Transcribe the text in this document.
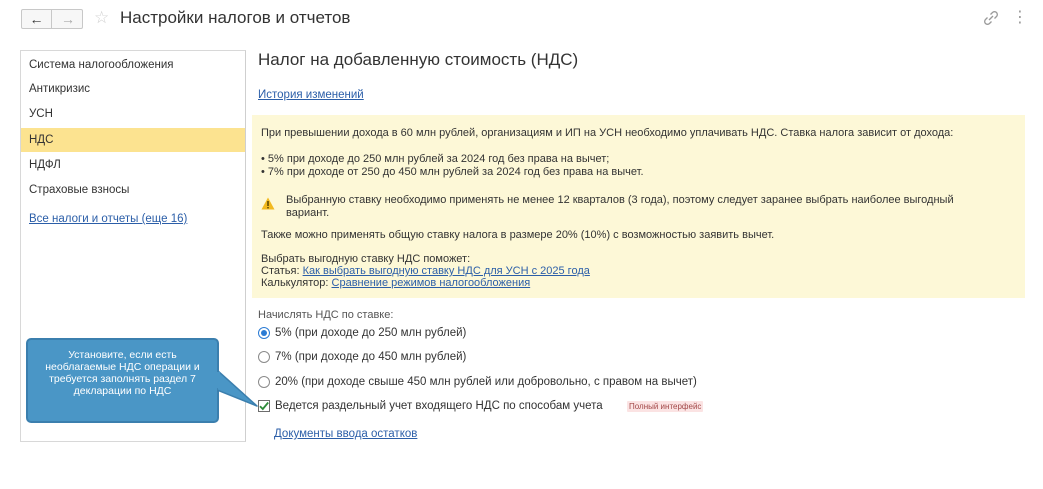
←	→	☆ Настройки налогов и отчетов	⋮
Система налогообложения
Антикризис
УСН
НДС
НДФЛ
Страховые взносы
Все налоги и отчеты (еще 16)
Налог на добавленную стоимость (НДС)
История изменений
При превышении дохода в 60 млн рублей, организациям и ИП на УСН необходимо уплачивать НДС. Ставка налога зависит от дохода:
• 5% при доходе до 250 млн рублей за 2024 год без права на вычет;
• 7% при доходе от 250 до 450 млн рублей за 2024 год без права на вычет.
Выбранную ставку необходимо применять не менее 12 кварталов (3 года), поэтому следует заранее выбрать наиболее выгодный
вариант.
Также можно применять общую ставку налога в размере 20% (10%) с возможностью заявить вычет.
Выбрать выгодную ставку НДС поможет:
Статья: Как выбрать выгодную ставку НДС для УСН с 2025 года
Калькулятор: Сравнение режимов налогообложения
Начислять НДС по ставке:
5% (при доходе до 250 млн рублей)
7% (при доходе до 450 млн рублей)
20% (при доходе свыше 450 млн рублей или добровольно, с правом на вычет)
Ведется раздельный учет входящего НДС по способам учета	Полный интерфейс
Документы ввода остатков
Установите, если есть
необлагаемые НДС операции и
требуется заполнять раздел 7
декларации по НДС
